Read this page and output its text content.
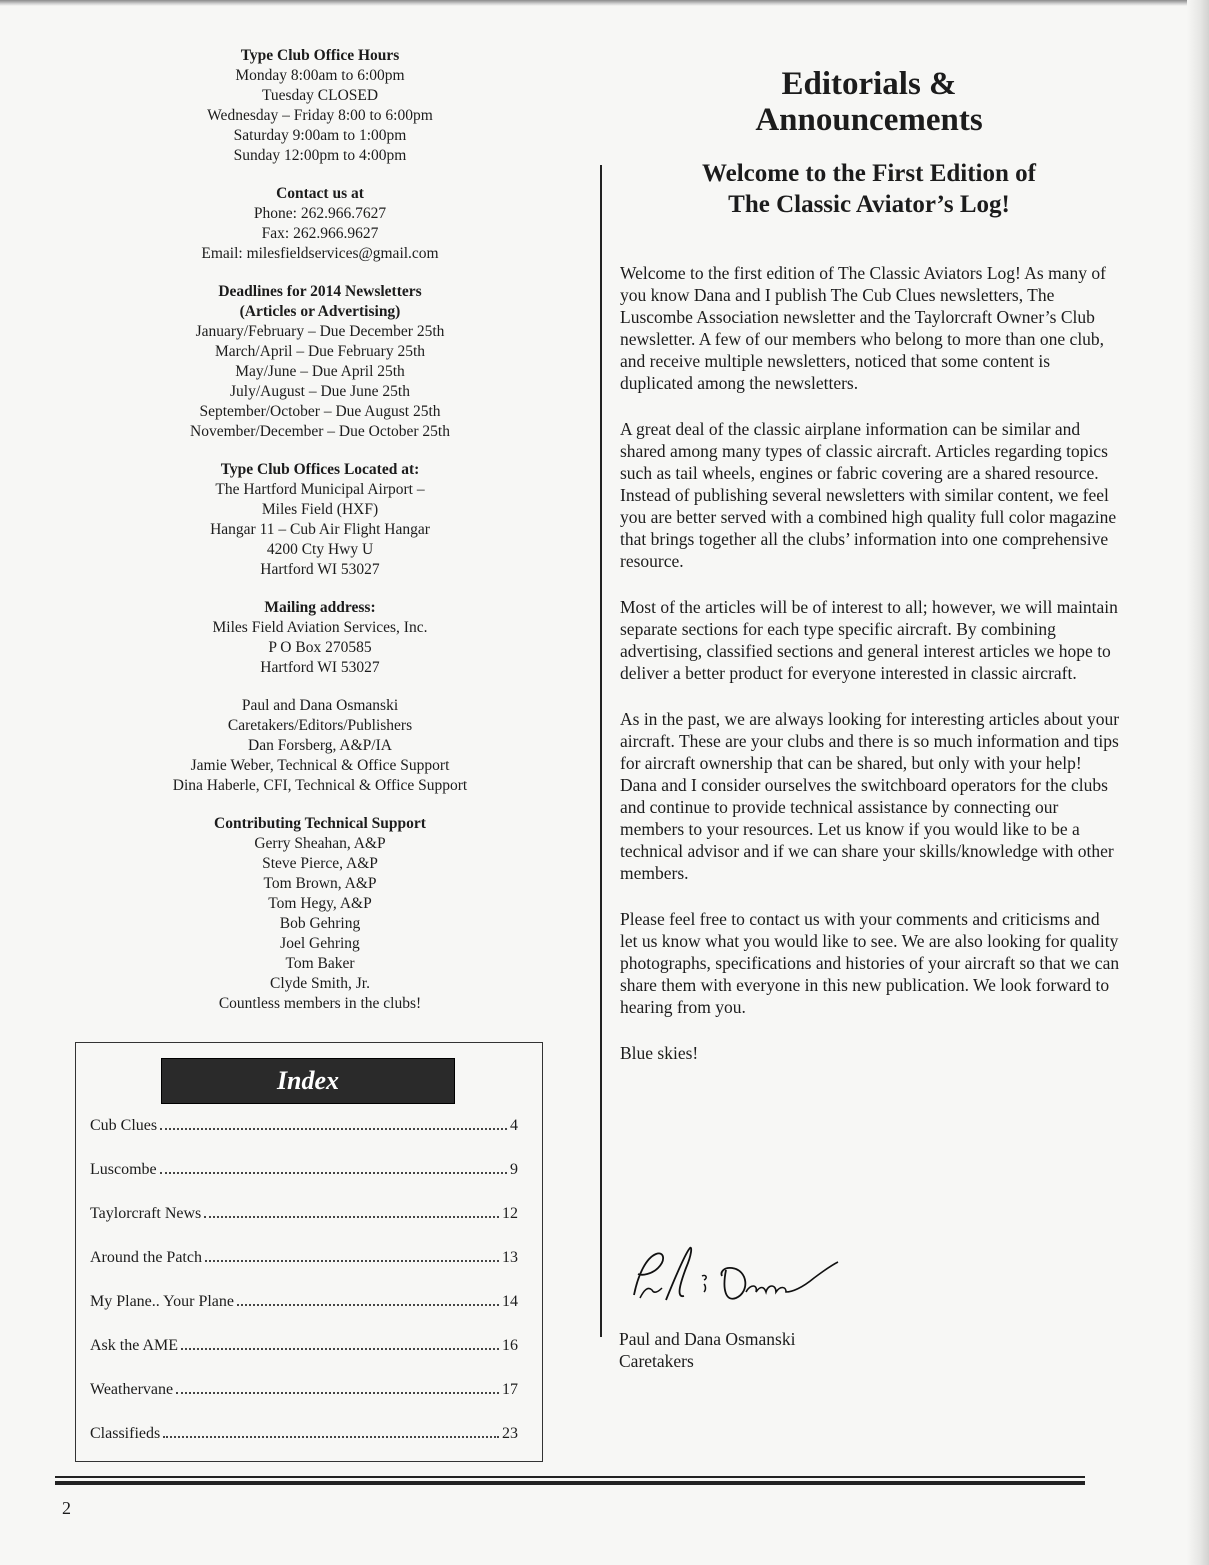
Type Club Office Hours
Monday 8:00am to 6:00pm
Tuesday CLOSED
Wednesday – Friday 8:00 to 6:00pm
Saturday 9:00am to 1:00pm
Sunday 12:00pm to 4:00pm
Contact us at
Phone: 262.966.7627
Fax: 262.966.9627
Email: milesfieldservices@gmail.com
Deadlines for 2014 Newsletters
(Articles or Advertising)
January/February – Due December 25th
March/April – Due February 25th
May/June – Due April 25th
July/August – Due June 25th
September/October – Due August 25th
November/December – Due October 25th
Type Club Offices Located at:
The Hartford Municipal Airport –
Miles Field (HXF)
Hangar 11 – Cub Air Flight Hangar
4200 Cty Hwy U
Hartford WI 53027
Mailing address:
Miles Field Aviation Services, Inc.
P O Box 270585
Hartford WI 53027
Paul and Dana Osmanski
Caretakers/Editors/Publishers
Dan Forsberg, A&P/IA
Jamie Weber, Technical & Office Support
Dina Haberle, CFI, Technical & Office Support
Contributing Technical Support
Gerry Sheahan, A&P
Steve Pierce, A&P
Tom Brown, A&P
Tom Hegy, A&P
Bob Gehring
Joel Gehring
Tom Baker
Clyde Smith, Jr.
Countless members in the clubs!
Index
Cub Clues	4
Luscombe	9
Taylorcraft News	12
Around the Patch	13
My Plane.. Your Plane	14
Ask the AME	16
Weathervane	17
Classifieds	23
Editorials &
Announcements
Welcome to the First Edition of
The Classic Aviator’s Log!

Welcome to the first edition of The Classic Aviators Log! As many of you know Dana and I publish The Cub Clues newsletters, The Luscombe Association newsletter and the Taylorcraft Owner’s Club newsletter. A few of our members who belong to more than one club, and receive multiple newsletters, noticed that some content is duplicated among the newsletters.

A great deal of the classic airplane information can be similar and shared among many types of classic aircraft. Articles regarding topics such as tail wheels, engines or fabric covering are a shared resource. Instead of publishing several newsletters with similar content, we feel you are better served with a combined high quality full color magazine that brings together all the clubs’ information into one comprehensive resource.

Most of the articles will be of interest to all; however, we will maintain separate sections for each type specific aircraft. By combining advertising, classified sections and general interest articles we hope to deliver a better product for everyone interested in classic aircraft.

As in the past, we are always looking for interesting articles about your aircraft. These are your clubs and there is so much information and tips for aircraft ownership that can be shared, but only with your help! Dana and I consider ourselves the switchboard operators for the clubs and continue to provide technical assistance by connecting our members to your resources. Let us know if you would like to be a technical advisor and if we can share your skills/knowledge with other members.

Please feel free to contact us with your comments and criticisms and let us know what you would like to see. We are also looking for quality photographs, specifications and histories of your aircraft so that we can share them with everyone in this new publication. We look forward to hearing from you.

Blue skies!

Paul and Dana Osmanski
Caretakers
2
